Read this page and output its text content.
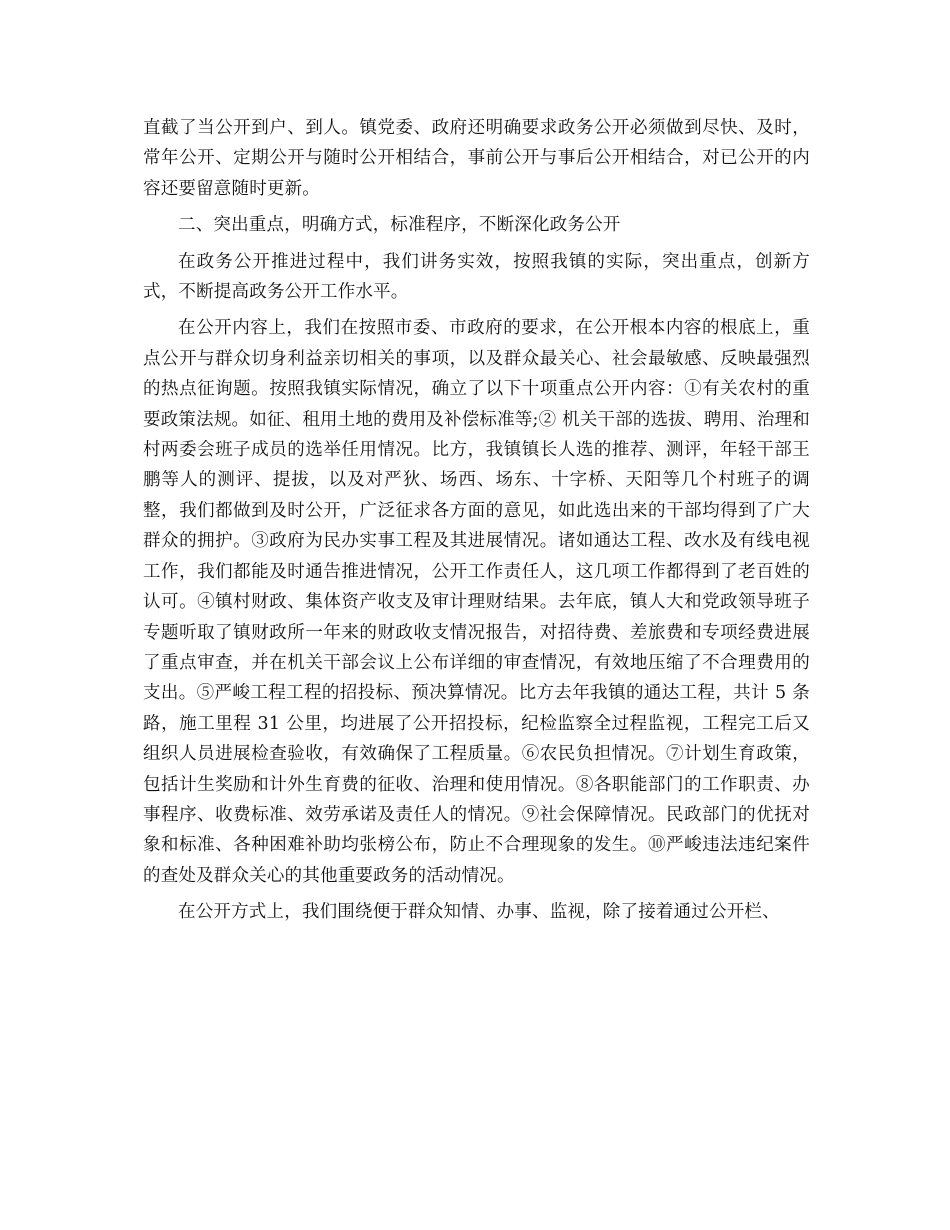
直截了当公开到户、到人。镇党委、政府还明确要求政务公开必须做到尽快、及时，常年公开、定期公开与随时公开相结合，事前公开与事后公开相结合，对已公开的内容还要留意随时更新。

二、突出重点，明确方式，标准程序，不断深化政务公开

在政务公开推进过程中，我们讲务实效，按照我镇的实际，突出重点，创新方式，不断提高政务公开工作水平。

在公开内容上，我们在按照市委、市政府的要求，在公开根本内容的根底上，重点公开与群众切身利益亲切相关的事项，以及群众最关心、社会最敏感、反映最强烈的热点征询题。按照我镇实际情况，确立了以下十项重点公开内容：①有关农村的重要政策法规。如征、租用土地的费用及补偿标准等;② 机关干部的选拔、聘用、治理和村两委会班子成员的选举任用情况。比方，我镇镇长人选的推荐、测评，年轻干部王鹏等人的测评、提拔，以及对严狄、场西、场东、十字桥、天阳等几个村班子的调整，我们都做到及时公开，广泛征求各方面的意见，如此选出来的干部均得到了广大群众的拥护。③政府为民办实事工程及其进展情况。诸如通达工程、改水及有线电视工作，我们都能及时通告推进情况，公开工作责任人，这几项工作都得到了老百姓的认可。④镇村财政、集体资产收支及审计理财结果。去年底，镇人大和党政领导班子专题听取了镇财政所一年来的财政收支情况报告，对招待费、差旅费和专项经费进展了重点审查，并在机关干部会议上公布详细的审查情况，有效地压缩了不合理费用的支出。⑤严峻工程工程的招投标、预决算情况。比方去年我镇的通达工程，共计 5 条路，施工里程 31 公里，均进展了公开招投标，纪检监察全过程监视，工程完工后又组织人员进展检查验收，有效确保了工程质量。⑥农民负担情况。⑦计划生育政策，包括计生奖励和计外生育费的征收、治理和使用情况。⑧各职能部门的工作职责、办事程序、收费标准、效劳承诺及责任人的情况。⑨社会保障情况。民政部门的优抚对象和标准、各种困难补助均张榜公布，防止不合理现象的发生。⑩严峻违法违纪案件的查处及群众关心的其他重要政务的活动情况。

在公开方式上，我们围绕便于群众知情、办事、监视，除了接着通过公开栏、
